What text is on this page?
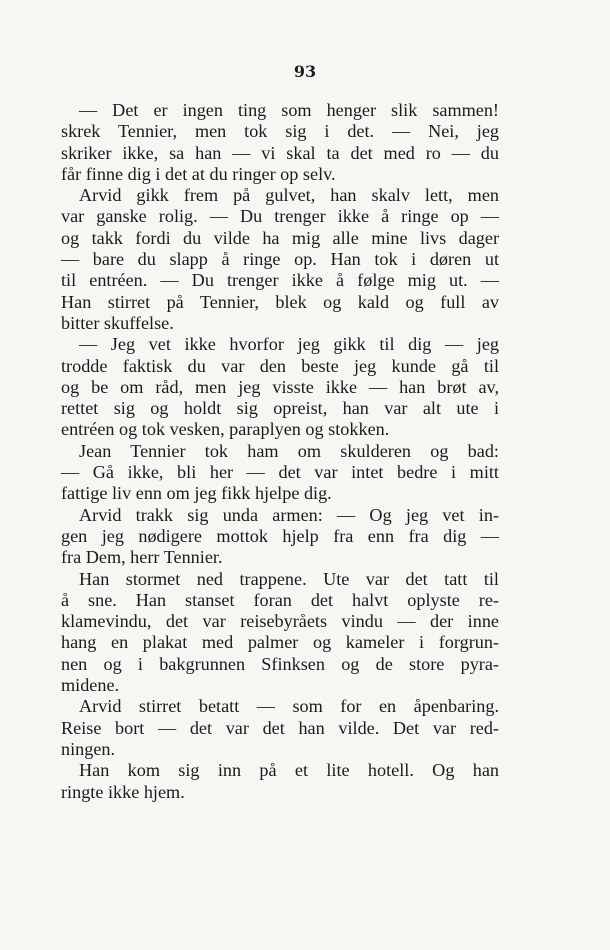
93
— Det er ingen ting som henger slik sammen!
skrek Tennier, men tok sig i det. — Nei, jeg
skriker ikke, sa han — vi skal ta det med ro — du
får finne dig i det at du ringer op selv.
Arvid gikk frem på gulvet, han skalv lett, men
var ganske rolig. — Du trenger ikke å ringe op —
og takk fordi du vilde ha mig alle mine livs dager
— bare du slapp å ringe op. Han tok i døren ut
til entréen. — Du trenger ikke å følge mig ut. —
Han stirret på Tennier, blek og kald og full av
bitter skuffelse.
— Jeg vet ikke hvorfor jeg gikk til dig — jeg
trodde faktisk du var den beste jeg kunde gå til
og be om råd, men jeg visste ikke — han brøt av,
rettet sig og holdt sig opreist, han var alt ute i
entréen og tok vesken, paraplyen og stokken.
Jean Tennier tok ham om skulderen og bad:
— Gå ikke, bli her — det var intet bedre i mitt
fattige liv enn om jeg fikk hjelpe dig.
Arvid trakk sig unda armen: — Og jeg vet in-
gen jeg nødigere mottok hjelp fra enn fra dig —
fra Dem, herr Tennier.
Han stormet ned trappene. Ute var det tatt til
å sne. Han stanset foran det halvt oplyste re-
klamevindu, det var reisebyråets vindu — der inne
hang en plakat med palmer og kameler i forgrun-
nen og i bakgrunnen Sfinksen og de store pyra-
midene.
Arvid stirret betatt — som for en åpenbaring.
Reise bort — det var det han vilde. Det var red-
ningen.
Han kom sig inn på et lite hotell. Og han
ringte ikke hjem.
